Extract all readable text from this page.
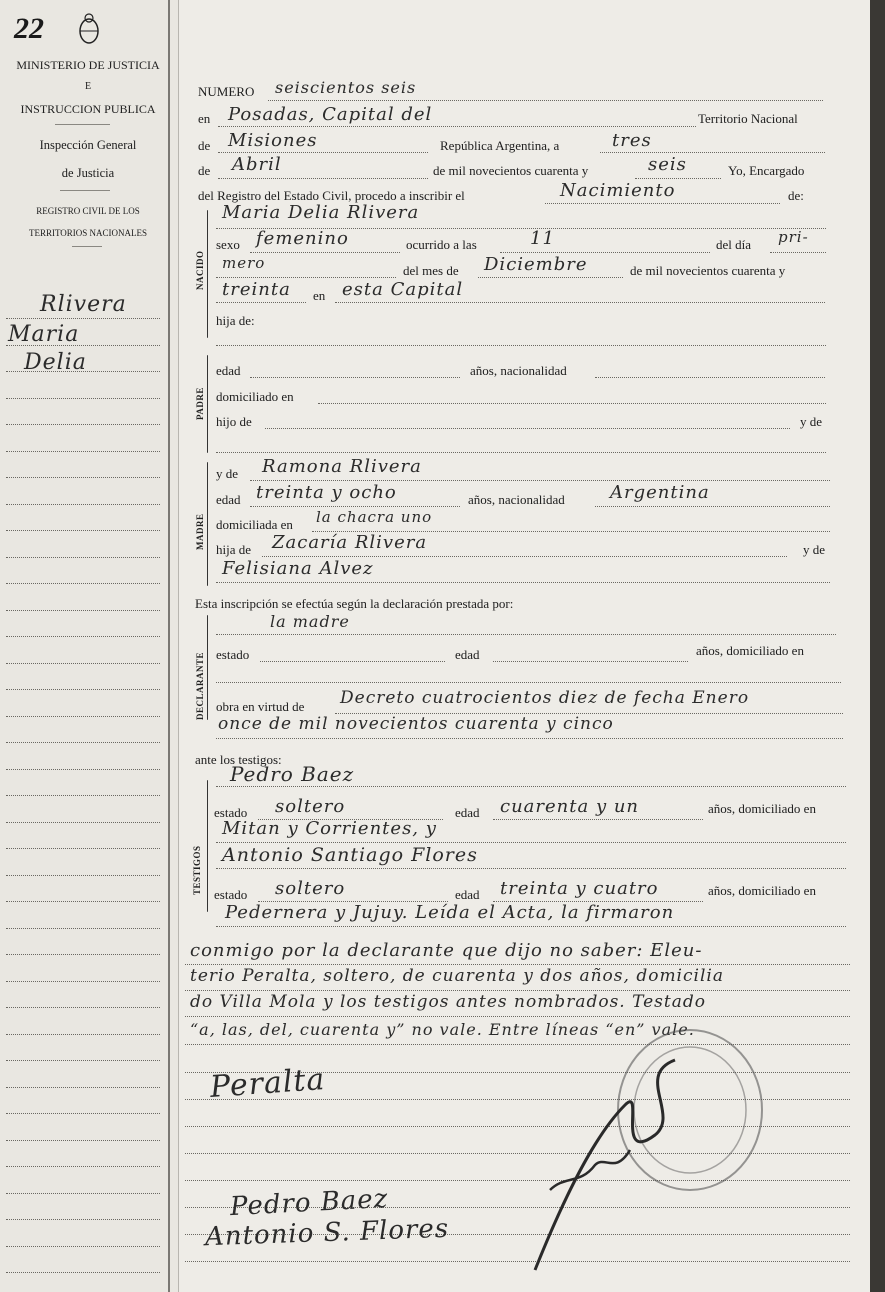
22
MINISTERIO DE JUSTICIA
E
INSTRUCCION PUBLICA
Inspección General
de Justicia
REGISTRO CIVIL DE LOS
TERRITORIOS NACIONALES
Rlivera
Maria
Delia
NUMERO seiscientos seis
en Posadas, Capital del	Territorio Nacional
de Misiones	República Argentina, a	tres
de Abril	de mil novecientos cuarenta y	seis	Yo, Encargado
del Registro del Estado Civil, procedo a inscribir el	Nacimiento	de:
NACIDO
Maria Delia Rlivera
sexo femenino	ocurrido a las	11	del día pri-
mero	del mes de Diciembre	de mil novecientos cuarenta y
treinta en esta Capital
hija de:
PADRE
edad	años, nacionalidad
domiciliado en
hijo de	y de
MADRE
y de Ramona Rlivera
edad treinta y ocho	años, nacionalidad	Argentina
domiciliada en la chacra uno
hija de Zacaría Rlivera	y de
Felisiana Alvez
Esta inscripción se efectúa según la declaración prestada por:
DECLARANTE
la madre
estado	edad	años, domiciliado en
obra en virtud de Decreto cuatrocientos diez de fecha Enero
once de mil novecientos cuarenta y cinco
ante los testigos:
TESTIGOS
Pedro Baez
estado soltero	edad cuarenta y un	años, domiciliado en
Mitan y Corrientes, y
Antonio Santiago Flores
estado soltero	edad treinta y cuatro	años, domiciliado en
Pedernera y Jujuy. Leída el Acta, la firmaron
conmigo por la declarante que dijo no saber: Eleu-
terio Peralta, soltero, de cuarenta y dos años, domicilia
do Villa Mola y los testigos antes nombrados. Testado
“a, las, del, cuarenta y” no vale. Entre líneas “en” vale.
Peralta
Pedro Baez
Antonio S. Flores
